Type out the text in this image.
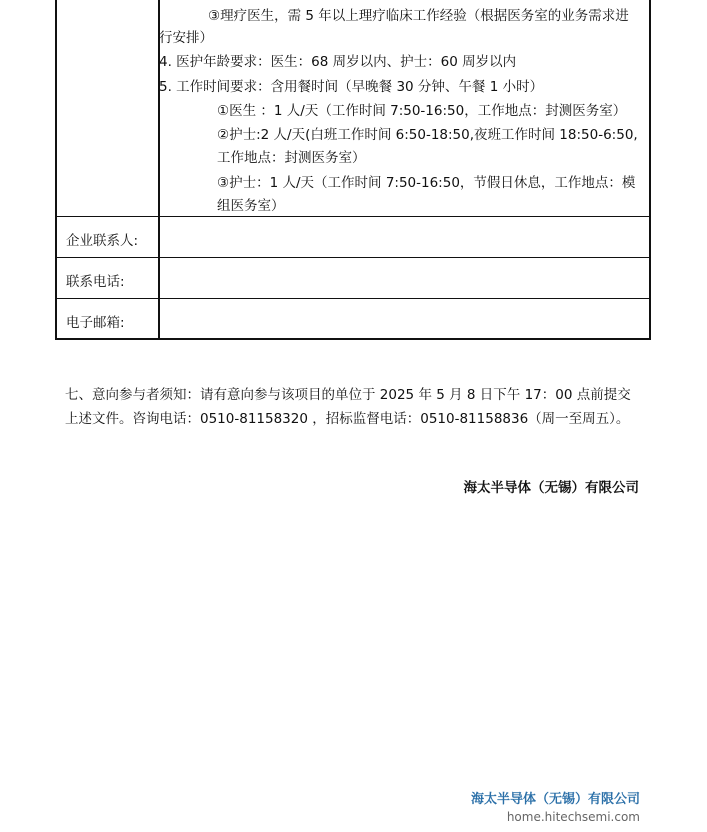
③理疗医生，需 5 年以上理疗临床工作经验（根据医务室的业务需求进
行安排）
4. 医护年龄要求：医生：68 周岁以内、护士：60 周岁以内
5. 工作时间要求：含用餐时间（早晚餐 30 分钟、午餐 1 小时）
①医生 ：1 人/天（工作时间 7:50-16:50，工作地点：封测医务室）
②护士:2 人/天(白班工作时间 6:50-18:50,夜班工作时间 18:50-6:50,
工作地点：封测医务室）
③护士：1 人/天（工作时间 7:50-16:50，节假日休息，工作地点：模
组医务室）
企业联系人:
联系电话:
电子邮箱:
七、意向参与者须知：请有意向参与该项目的单位于 2025 年 5 月 8 日下午 17：00 点前提交
上述文件。咨询电话：0510-81158320 ，招标监督电话：0510-81158836（周一至周五）。
海太半导体（无锡）有限公司
海太半导体（无锡）有限公司
home.hitechsemi.com
